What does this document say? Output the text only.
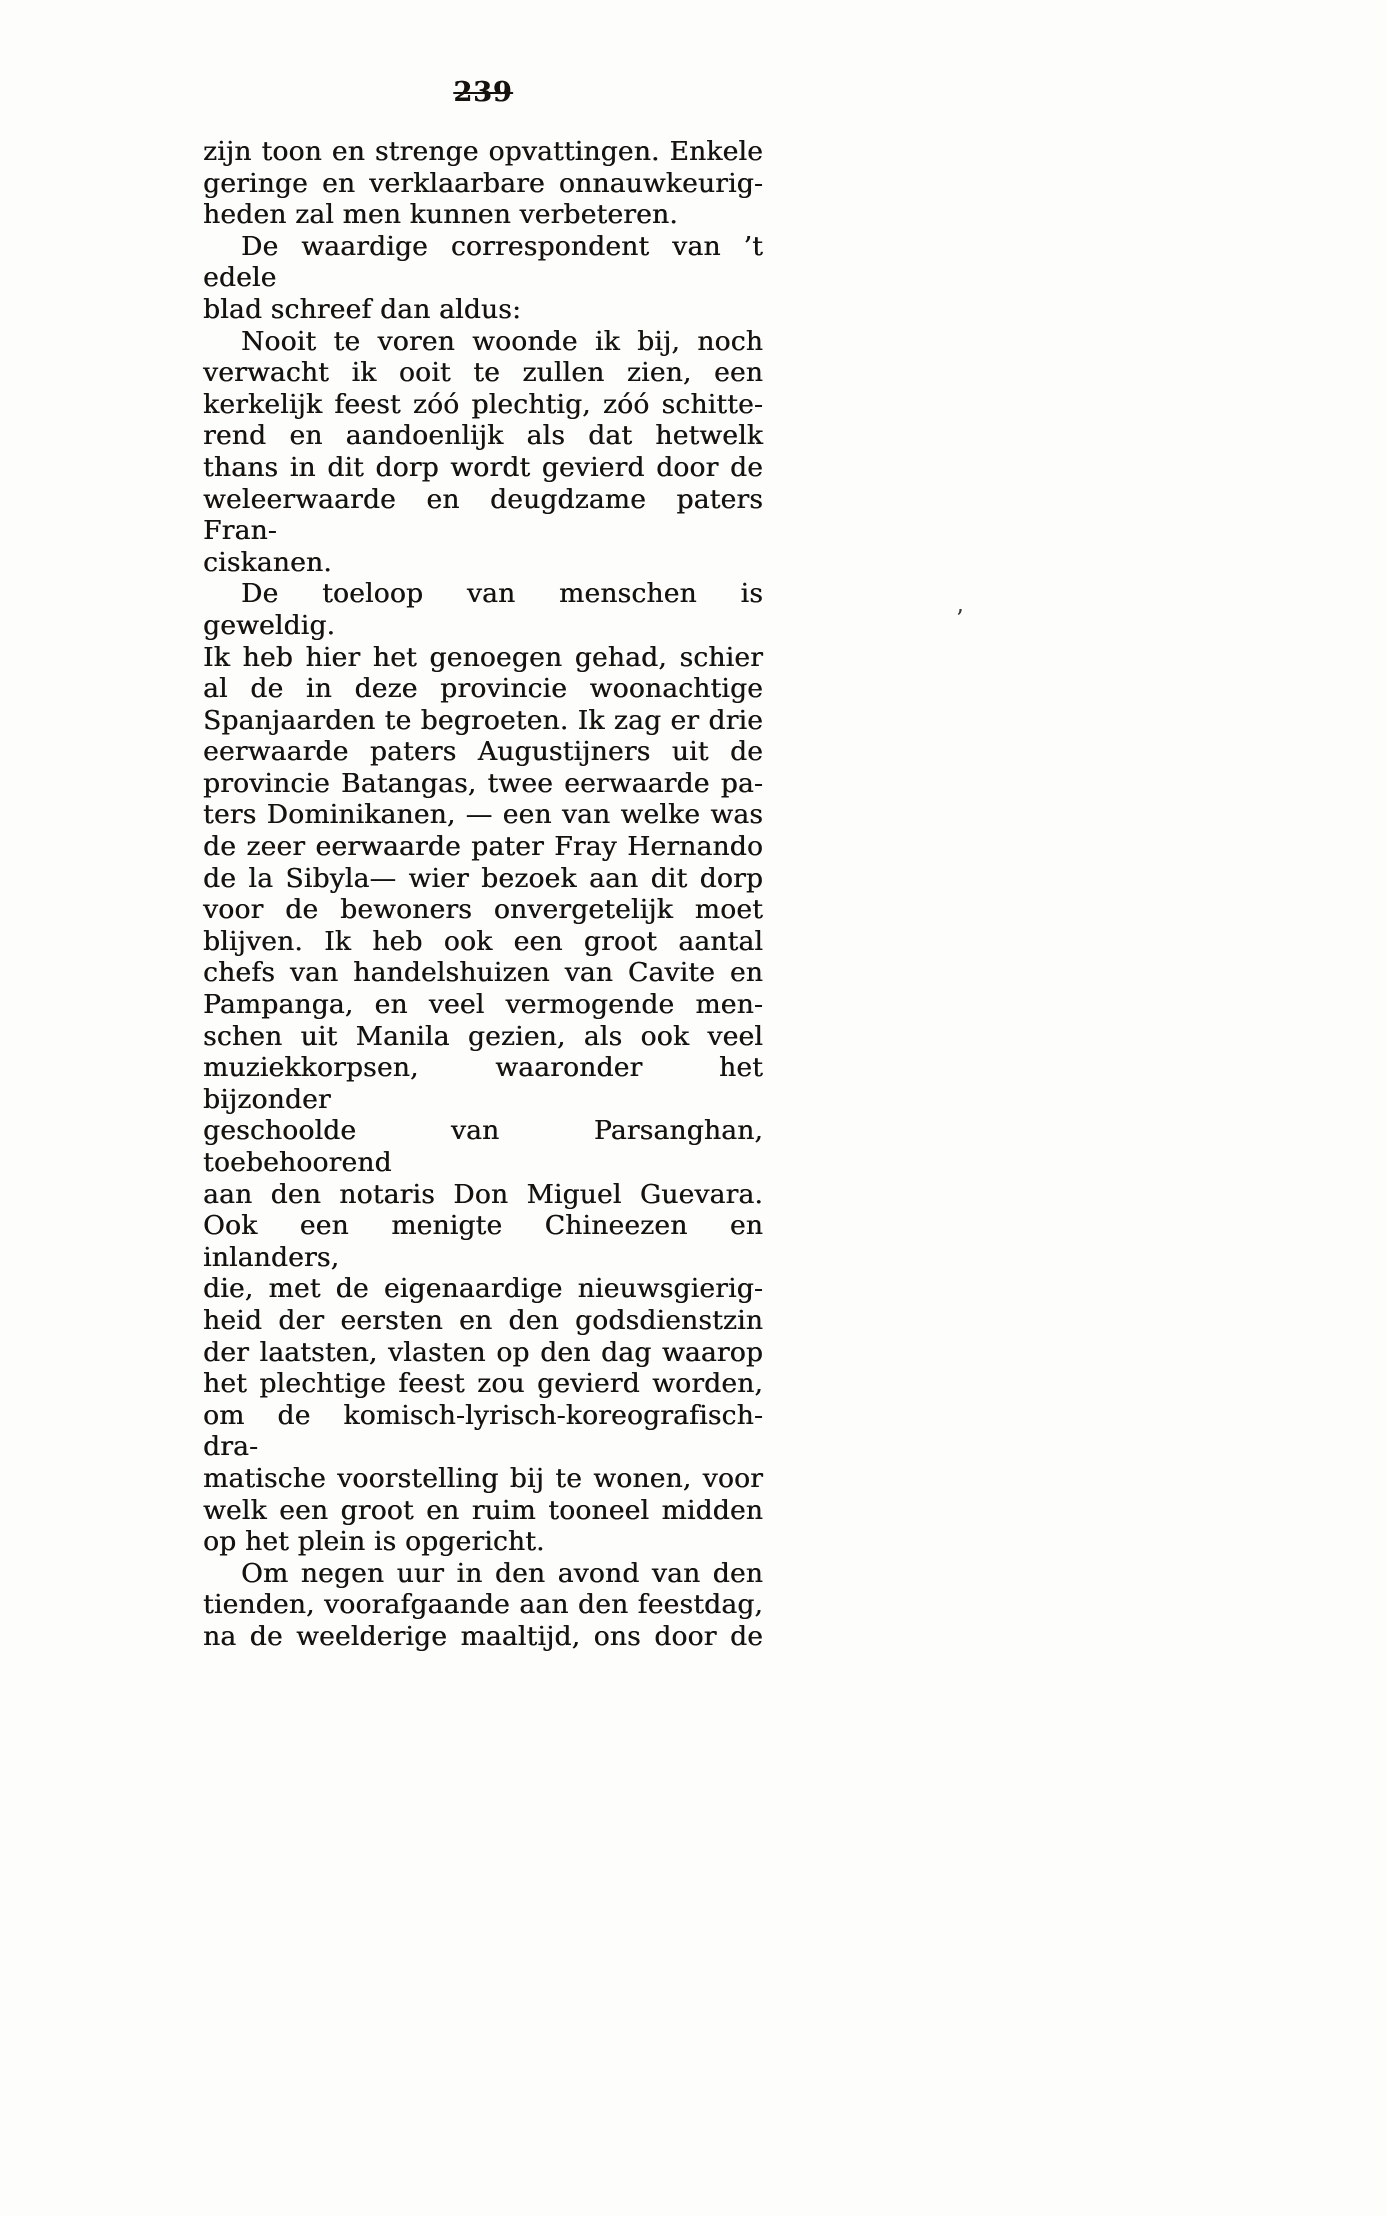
239
zijn toon en strenge opvattingen. Enkele
geringe en verklaarbare onnauwkeurig-
heden zal men kunnen verbeteren.
De waardige correspondent van ’t edele
blad schreef dan aldus:
Nooit te voren woonde ik bij, noch
verwacht ik ooit te zullen zien, een
kerkelijk feest zóó plechtig, zóó schitte-
rend en aandoenlijk als dat hetwelk
thans in dit dorp wordt gevierd door de
weleerwaarde en deugdzame paters Fran-
ciskanen.
De toeloop van menschen is geweldig.
Ik heb hier het genoegen gehad, schier
al de in deze provincie woonachtige
Spanjaarden te begroeten. Ik zag er drie
eerwaarde paters Augustijners uit de
provincie Batangas, twee eerwaarde pa-
ters Dominikanen, — een van welke was
de zeer eerwaarde pater Fray Hernando
de la Sibyla— wier bezoek aan dit dorp
voor de bewoners onvergetelijk moet
blijven. Ik heb ook een groot aantal
chefs van handelshuizen van Cavite en
Pampanga, en veel vermogende men-
schen uit Manila gezien, als ook veel
muziekkorpsen, waaronder het bijzonder
geschoolde van Parsanghan, toebehoorend
aan den notaris Don Miguel Guevara.
Ook een menigte Chineezen en inlanders,
die, met de eigenaardige nieuwsgierig-
heid der eersten en den godsdienstzin
der laatsten, vlasten op den dag waarop
het plechtige feest zou gevierd worden,
om de komisch-lyrisch-koreografisch-dra-
matische voorstelling bij te wonen, voor
welk een groot en ruim tooneel midden
op het plein is opgericht.
Om negen uur in den avond van den
tienden, voorafgaande aan den feestdag,
na de weelderige maaltijd, ons door de
’
